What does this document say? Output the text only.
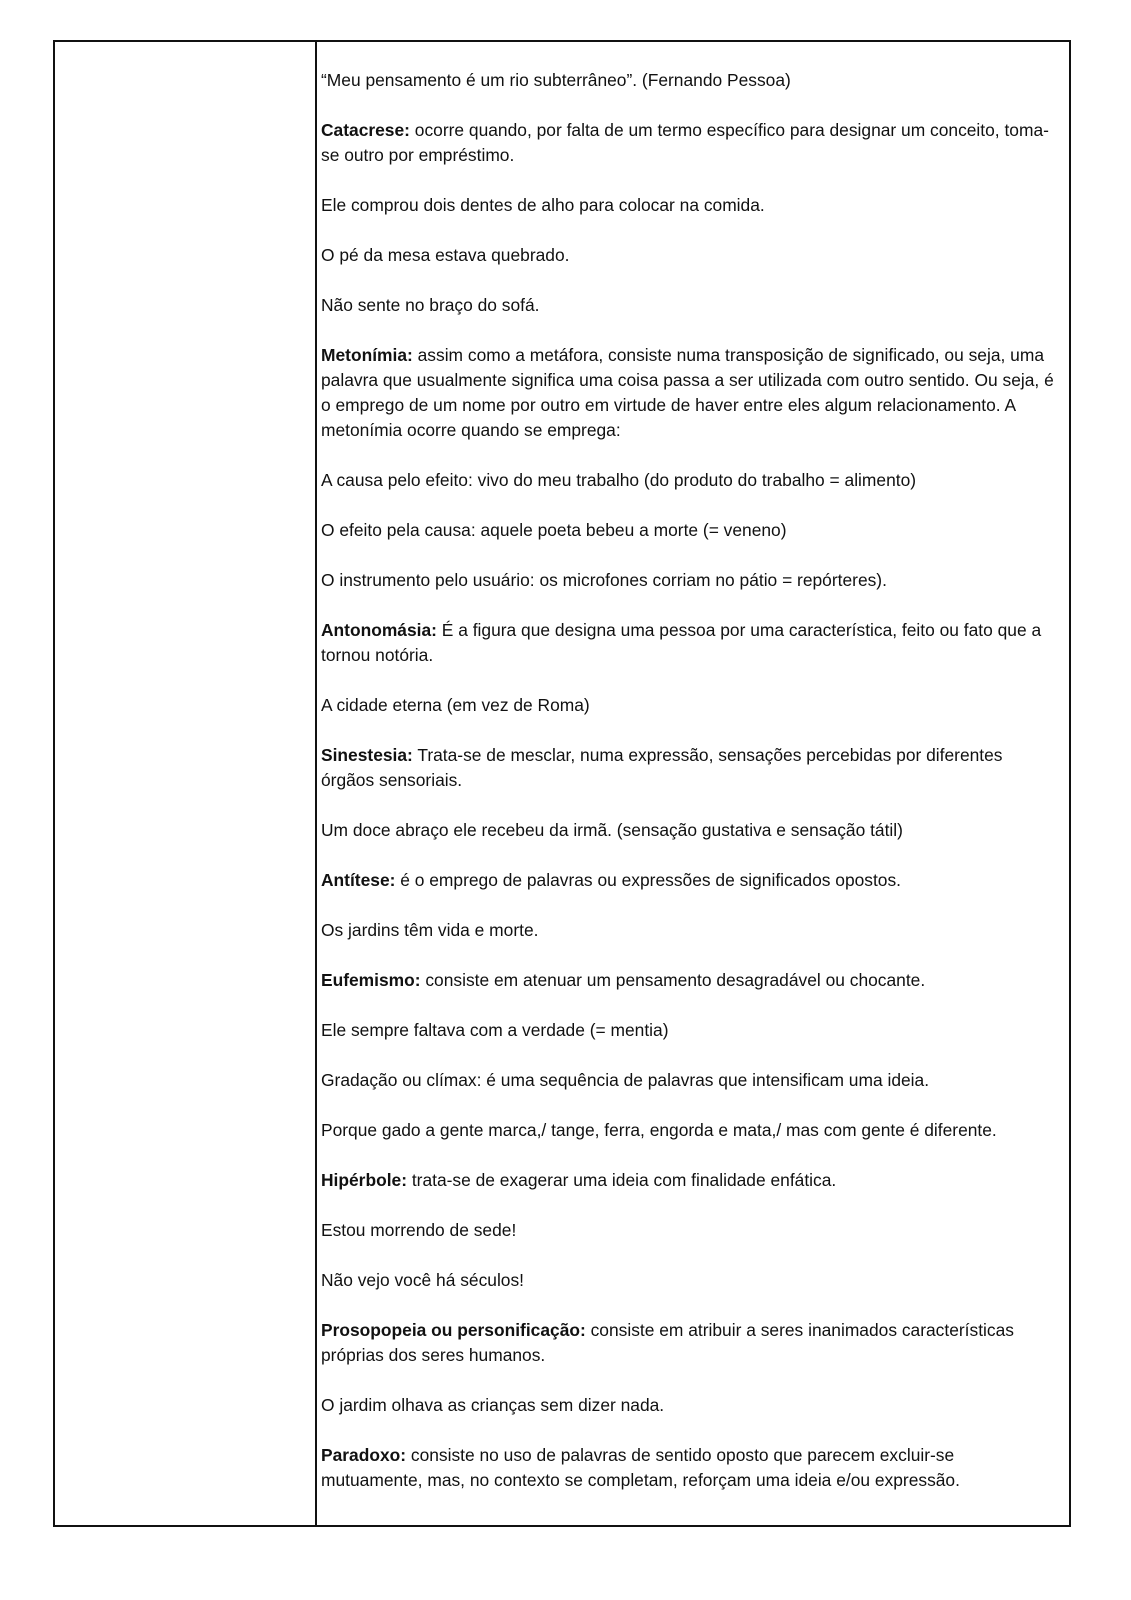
“Meu pensamento é um rio subterrâneo”. (Fernando Pessoa)

Catacrese: ocorre quando, por falta de um termo específico para designar um conceito, toma-se outro por empréstimo.

Ele comprou dois dentes de alho para colocar na comida.

O pé da mesa estava quebrado.

Não sente no braço do sofá.

Metonímia: assim como a metáfora, consiste numa transposição de significado, ou seja, uma palavra que usualmente significa uma coisa passa a ser utilizada com outro sentido. Ou seja, é o emprego de um nome por outro em virtude de haver entre eles algum relacionamento. A metonímia ocorre quando se emprega:

A causa pelo efeito: vivo do meu trabalho (do produto do trabalho = alimento)

O efeito pela causa: aquele poeta bebeu a morte (= veneno)

O instrumento pelo usuário: os microfones corriam no pátio = repórteres).

Antonomásia: É a figura que designa uma pessoa por uma característica, feito ou fato que a tornou notória.

A cidade eterna (em vez de Roma)

Sinestesia: Trata-se de mesclar, numa expressão, sensações percebidas por diferentes órgãos sensoriais.

Um doce abraço ele recebeu da irmã. (sensação gustativa e sensação tátil)

Antítese: é o emprego de palavras ou expressões de significados opostos.

Os jardins têm vida e morte.

Eufemismo: consiste em atenuar um pensamento desagradável ou chocante.

Ele sempre faltava com a verdade (= mentia)

Gradação ou clímax: é uma sequência de palavras que intensificam uma ideia.

Porque gado a gente marca,/ tange, ferra, engorda e mata,/ mas com gente é diferente.

Hipérbole: trata-se de exagerar uma ideia com finalidade enfática.

Estou morrendo de sede!

Não vejo você há séculos!

Prosopopeia ou personificação: consiste em atribuir a seres inanimados características próprias dos seres humanos.

O jardim olhava as crianças sem dizer nada.

Paradoxo: consiste no uso de palavras de sentido oposto que parecem excluir-se mutuamente, mas, no contexto se completam, reforçam uma ideia e/ou expressão.
